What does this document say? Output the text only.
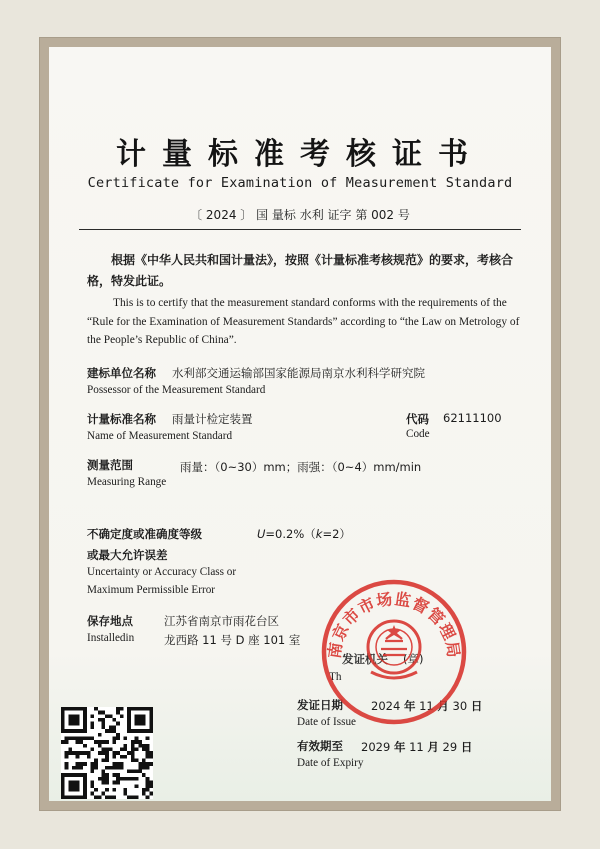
计量标准考核证书
Certificate for Examination of Measurement Standard
〔 2024 〕 国 量标 水利 证字 第 002 号
根据《中华人民共和国计量法》，按照《计量标准考核规范》的要求，考核合格，特发此证。
This is to certify that the measurement standard conforms with the requirements of the “Rule for the Examination of Measurement Standards” according to “the Law on Metrology of the People’s Republic of China”.
建标单位名称 水利部交通运输部国家能源局南京水利科学研究院
Possessor of the Measurement Standard
计量标准名称 雨量计检定装置
Name of Measurement Standard
代码 62111100
Code
测量范围	雨量：（0~30）mm；雨强：（0~4）mm/min
Measuring Range
不确定度或准确度等级
或最大允许误差
U=0.2%（k=2）
Uncertainty or Accuracy Class or
Maximum Permissible Error
保存地点	江苏省南京市雨花台区
Installedin	龙西路 11 号 D 座 101 室
发证机关
Th
(章)
发证日期
Date of Issue
2024 年 11 月 30 日
有效期至
Date of Expiry
2029 年 11 月 29 日
南京市市场监督管理局
